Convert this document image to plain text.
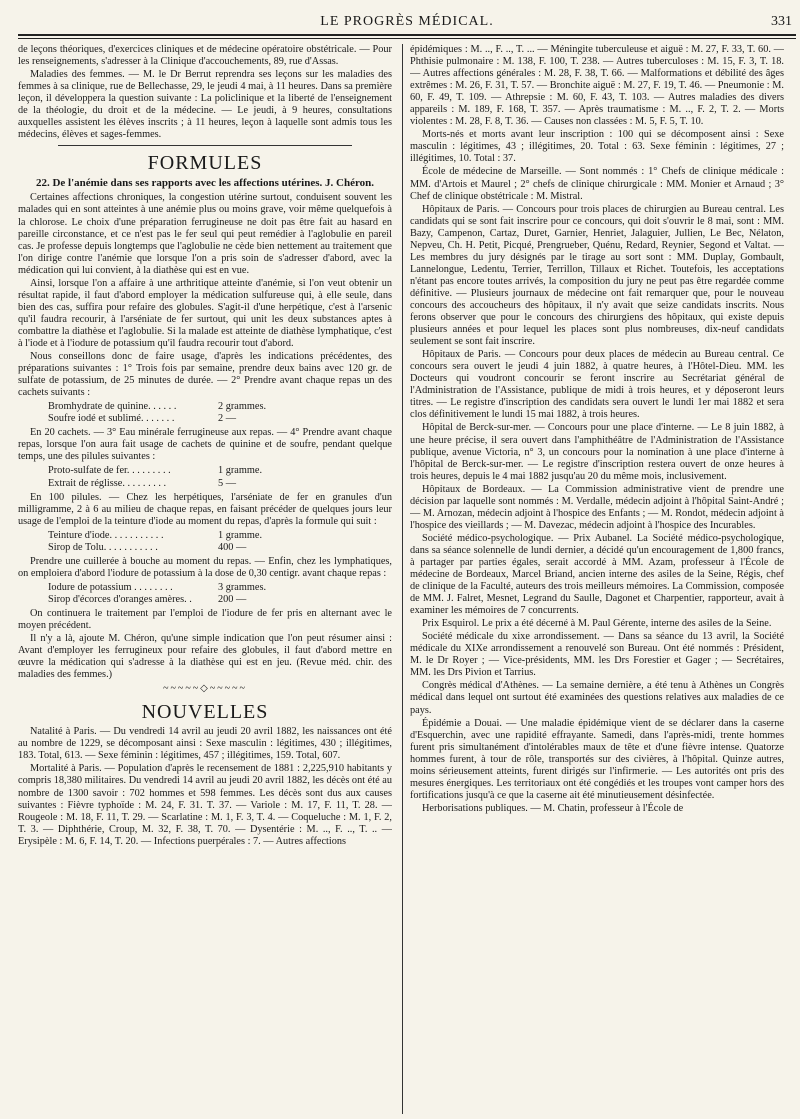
LE PROGRÈS MÉDICAL.	331

de leçons théoriques, d'exercices cliniques et de médecine opératoire obstétricale. — Pour les renseignements, s'adresser à la Clinique d'accouchements, 89, rue d'Assas.

Maladies des femmes. — M. le Dr Berrut reprendra ses leçons sur les maladies des femmes à sa clinique, rue de Bellechasse, 29, le jeudi 4 mai, à 11 heures. Dans sa première leçon, il développera la question suivante : La policlinique et la liberté de l'enseignement de la théologie, du droit et de la médecine. — Le jeudi, à 9 heures, consultations auxquelles assistent les élèves inscrits ; à 11 heures, leçon à laquelle sont admis tous les médecins, élèves et sages-femmes.

FORMULES

22. De l'anémie dans ses rapports avec les affections utérines. J. Chéron.

Certaines affections chroniques, la congestion utérine surtout, conduisent souvent les malades qui en sont atteintes à une anémie plus ou moins grave, voir même quelquefois à la chlorose. Le choix d'une préparation ferrugineuse ne doit pas être fait au hasard en pareille circonstance, et ce n'est pas le fer seul qui peut remédier à l'aglobulie en pareil cas. Je professe depuis longtemps que l'aglobulie ne cède bien nettement au traitement que l'on dirige contre l'anémie que lorsque l'on a pris soin de s'adresser d'abord, avec la médication qui lui convient, à la diathèse qui est en vue.

Ainsi, lorsque l'on a affaire à une arthritique atteinte d'anémie, si l'on veut obtenir un résultat rapide, il faut d'abord employer la médication sulfureuse qui, à elle seule, dans bien des cas, suffira pour refaire des globules. S'agit-il d'une herpétique, c'est à l'arsenic qu'il faudra recourir, à l'arséniate de fer surtout, qui unit les deux substances aptes à combattre la diathèse et l'aglobulie. Si la malade est atteinte de diathèse lymphatique, c'est à l'iode et à l'iodure de potassium qu'il faudra recourir tout d'abord.

Nous conseillons donc de faire usage, d'après les indications précédentes, des préparations suivantes : 1° Trois fois par semaine, prendre deux bains avec 120 gr. de sulfate de potassium, de 25 minutes de durée. — 2° Prendre avant chaque repas un des cachets suivants :

Bromhydrate de quinine. . . . . .	2 grammes.
Soufre iodé et sublimé. . . . . . .	2 —

En 20 cachets. — 3° Eau minérale ferrugineuse aux repas. — 4° Prendre avant chaque repas, lorsque l'on aura fait usage de cachets de quinine et de soufre, pendant quelque temps, une des pilules suivantes :

Proto-sulfate de fer. . . . . . . . .	1 gramme.
Extrait de réglisse. . . . . . . . .	5 —

En 100 pilules. — Chez les herpétiques, l'arséniate de fer en granules d'un milligramme, 2 à 6 au milieu de chaque repas, en faisant précéder de quelques jours leur usage de l'emploi de la teinture d'iode au moment du repas, d'après la formule qui suit :

Teinture d'iode. . . . . . . . . . .	1 gramme.
Sirop de Tolu. . . . . . . . . . .	400 —

Prendre une cuillerée à bouche au moment du repas. — Enfin, chez les lymphatiques, on emploiera d'abord l'iodure de potassium à la dose de 0,30 centigr. avant chaque repas :

Iodure de potassium . . . . . . . .	3 grammes.
Sirop d'écorces d'oranges amères. .	200 —

On continuera le traitement par l'emploi de l'iodure de fer pris en alternant avec le moyen précédent.

Il n'y a là, ajoute M. Chéron, qu'une simple indication que l'on peut résumer ainsi : Avant d'employer les ferrugineux pour refaire des globules, il faut d'abord mettre en œuvre la médication qui s'adresse à la diathèse qui est en jeu. (Revue méd. chir. des maladies des femmes.)

~~~~~◇~~~~~
NOUVELLES

Natalité à Paris. — Du vendredi 14 avril au jeudi 20 avril 1882, les naissances ont été au nombre de 1229, se décomposant ainsi : Sexe masculin : légitimes, 430 ; illégitimes, 183. Total, 613. — Sexe féminin : légitimes, 457 ; illégitimes, 159. Total, 607.

Mortalité à Paris. — Population d'après le recensement de 1881 : 2,225,910 habitants y compris 18,380 militaires. Du vendredi 14 avril au jeudi 20 avril 1882, les décès ont été au nombre de 1300 savoir : 702 hommes et 598 femmes. Les décès sont dus aux causes suivantes : Fièvre typhoïde : M. 24, F. 31. T. 37. — Variole : M. 17, F. 11, T. 28. — Rougeole : M. 18, F. 11, T. 29. — Scarlatine : M. 1, F. 3, T. 4. — Coqueluche : M. 1, F. 2, T. 3. — Diphthérie, Croup, M. 32, F. 38, T. 70. — Dysentérie : M. .., F. .., T. .. — Erysipèle : M. 6, F. 14, T. 20. — Infections puerpérales : 7. — Autres affections

épidémiques : M. .., F. .., T. ... — Méningite tuberculeuse et aiguë : M. 27, F. 33, T. 60. — Phthisie pulmonaire : M. 138, F. 100, T. 238. — Autres tuberculoses : M. 15, F. 3, T. 18. — Autres affections générales : M. 28, F. 38, T. 66. — Malformations et débilité des âges extrêmes : M. 26, F. 31, T. 57. — Bronchite aiguë : M. 27, F. 19, T. 46. — Pneumonie : M. 60, F. 49, T. 109. — Athrepsie : M. 60, F. 43, T. 103. — Autres maladies des divers appareils : M. 189, F. 168, T. 357. — Après traumatisme : M. .., F. 2, T. 2. — Morts violentes : M. 28, F. 8, T. 36. — Causes non classées : M. 5, F. 5, T. 10.

Morts-nés et morts avant leur inscription : 100 qui se décomposent ainsi : Sexe masculin : légitimes, 43 ; illégitimes, 20. Total : 63. Sexe féminin : légitimes, 27 ; illégitimes, 10. Total : 37.

École de médecine de Marseille. — Sont nommés : 1° Chefs de clinique médicale : MM. d'Artois et Maurel ; 2° chefs de clinique chirurgicale : MM. Monier et Arnaud ; 3° Chef de clinique obstétricale : M. Mistral.

Hôpitaux de Paris. — Concours pour trois places de chirurgien au Bureau central. Les candidats qui se sont fait inscrire pour ce concours, qui doit s'ouvrir le 8 mai, sont : MM. Bazy, Campenon, Cartaz, Duret, Garnier, Henriet, Jalaguier, Jullien, Le Bec, Nélaton, Nepveu, Ch. H. Petit, Picqué, Prengrueber, Quénu, Redard, Reynier, Segond et Valtat. — Les membres du jury désignés par le tirage au sort sont : MM. Duplay, Gombault, Lannelongue, Ledentu, Terrier, Terrillon, Tillaux et Richet. Toutefois, les acceptations n'étant pas encore toutes arrivés, la composition du jury ne peut pas être regardée comme définitive. — Plusieurs journaux de médecine ont fait remarquer que, pour le nouveau concours des accoucheurs des hôpitaux, il n'y avait que seize candidats inscrits. Nous ferons observer que pour le concours des chirurgiens des hôpitaux, qui existe depuis plusieurs années et pour lequel les places sont plus nombreuses, dix-neuf candidats seulement se sont fait inscrire.

Hôpitaux de Paris. — Concours pour deux places de médecin au Bureau central. Ce concours sera ouvert le jeudi 4 juin 1882, à quatre heures, à l'Hôtel-Dieu. MM. les Docteurs qui voudront concourir se feront inscrire au Secrétariat général de l'Administration de l'Assistance, publique de midi à trois heures, et y déposeront leurs titres. — Le registre d'inscription des candidats sera ouvert le lundi 1er mai 1882 et sera clos définitivement le lundi 15 mai 1882, à trois heures.

Hôpital de Berck-sur-mer. — Concours pour une place d'interne. — Le 8 juin 1882, à une heure précise, il sera ouvert dans l'amphithéâtre de l'Administration de l'Assistance publique, avenue Victoria, n° 3, un concours pour la nomination à une place d'interne à l'hôpital de Berck-sur-mer. — Le registre d'inscription restera ouvert de onze heures à trois heures, depuis le 4 mai 1882 jusqu'au 20 du même mois, inclusivement.

Hôpitaux de Bordeaux. — La Commission administrative vient de prendre une décision par laquelle sont nommés : M. Verdalle, médecin adjoint à l'hôpital Saint-André ; — M. Arnozan, médecin adjoint à l'hospice des Enfants ; — M. Rondot, médecin adjoint à l'hospice des vieillards ; — M. Davezac, médecin adjoint à l'hospice des Incurables.

Société médico-psychologique. — Prix Aubanel. La Société médico-psychologique, dans sa séance solennelle de lundi dernier, a décidé qu'un encouragement de 1,800 francs, à partager par parties égales, serait accordé à MM. Azam, professeur à l'École de médecine de Bordeaux, Marcel Briand, ancien interne des asiles de la Seine, Régis, chef de clinique de la Faculté, auteurs des trois meilleurs mémoires. La Commission, composée de MM. J. Falret, Mesnet, Legrand du Saulle, Dagonet et Charpentier, rapporteur, avait à examiner les mémoires de 7 concurrents.

Prix Esquirol. Le prix a été décerné à M. Paul Gérente, interne des asiles de la Seine.

Société médicale du xixe arrondissement. — Dans sa séance du 13 avril, la Société médicale du XIXe arrondissement a renouvelé son Bureau. Ont été nommés : Président, M. le Dr Royer ; — Vice-présidents, MM. les Drs Forestier et Gager ; — Secrétaires, MM. les Drs Pivion et Tarrius.

Congrès médical d'Athènes. — La semaine dernière, a été tenu à Athènes un Congrès médical dans lequel ont surtout été examinées des questions relatives aux maladies de ce pays.

Épidémie a Douai. — Une maladie épidémique vient de se déclarer dans la caserne d'Esquerchin, avec une rapidité effrayante. Samedi, dans l'après-midi, trente hommes furent pris simultanément d'intolérables maux de tête et d'une fièvre intense. Quatorze hommes furent, à tour de rôle, transportés sur des civières, à l'hôpital. Quinze autres, moins sérieusement atteints, furent dirigés sur l'infirmerie. — Les autorités ont pris des mesures énergiques. Les territoriaux ont été congédiés et les troupes vont camper hors des fortifications jusqu'à ce que la caserne ait été minutieusement désinfectée.

Herborisations publiques. — M. Chatin, professeur à l'École de
